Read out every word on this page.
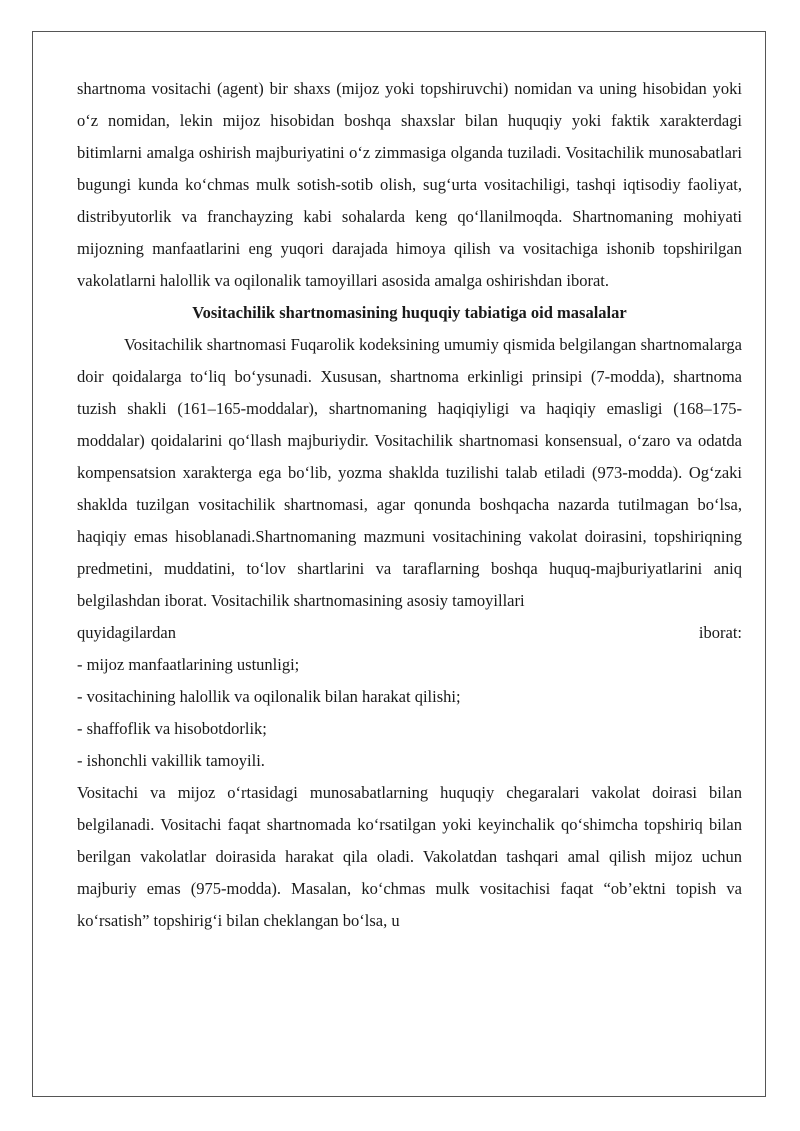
shartnoma vositachi (agent) bir shaxs (mijoz yoki topshiruvchi) nomidan va uning hisobidan yoki o‘z nomidan, lekin mijoz hisobidan boshqa shaxslar bilan huquqiy yoki faktik xarakterdagi bitimlarni amalga oshirish majburiyatini o‘z zimmasiga olganda tuziladi. Vositachilik munosabatlari bugungi kunda ko‘chmas mulk sotish-sotib olish, sug‘urta vositachiligi, tashqi iqtisodiy faoliyat, distribyutorlik va franchayzing kabi sohalarda keng qo‘llanilmoqda. Shartnomaning mohiyati mijozning manfaatlarini eng yuqori darajada himoya qilish va vositachiga ishonib topshirilgan vakolatlarni halollik va oqilonalik tamoyillari asosida amalga oshirishdan iborat.

Vositachilik shartnomasining huquqiy tabiatiga oid masalalar

Vositachilik shartnomasi Fuqarolik kodeksining umumiy qismida belgilangan shartnomalarga doir qoidalarga to‘liq bo‘ysunadi. Xususan, shartnoma erkinligi prinsipi (7-modda), shartnoma tuzish shakli (161–165-moddalar), shartnomaning haqiqiyligi va haqiqiy emasligi (168–175-moddalar) qoidalarini qo‘llash majburiydir. Vositachilik shartnomasi konsensual, o‘zaro va odatda kompensatsion xarakterga ega bo‘lib, yozma shaklda tuzilishi talab etiladi (973-modda). Og‘zaki shaklda tuzilgan vositachilik shartnomasi, agar qonunda boshqacha nazarda tutilmagan bo‘lsa, haqiqiy emas hisoblanadi.Shartnomaning mazmuni vositachining vakolat doirasini, topshiriqning predmetini, muddatini, to‘lov shartlarini va taraflarning boshqa huquq-majburiyatlarini aniq belgilashdan iborat. Vositachilik shartnomasining asosiy tamoyillari

quyidagilardan	iborat:

- mijoz manfaatlarining ustunligi;

- vositachining halollik va oqilonalik bilan harakat qilishi;

- shaffoflik va hisobotdorlik;

- ishonchli vakillik tamoyili.

Vositachi va mijoz o‘rtasidagi munosabatlarning huquqiy chegaralari vakolat doirasi bilan belgilanadi. Vositachi faqat shartnomada ko‘rsatilgan yoki keyinchalik qo‘shimcha topshiriq bilan berilgan vakolatlar doirasida harakat qila oladi. Vakolatdan tashqari amal qilish mijoz uchun majburiy emas (975-modda). Masalan, ko‘chmas mulk vositachisi faqat “ob’ektni topish va ko‘rsatish” topshirig‘i bilan cheklangan bo‘lsa, u
